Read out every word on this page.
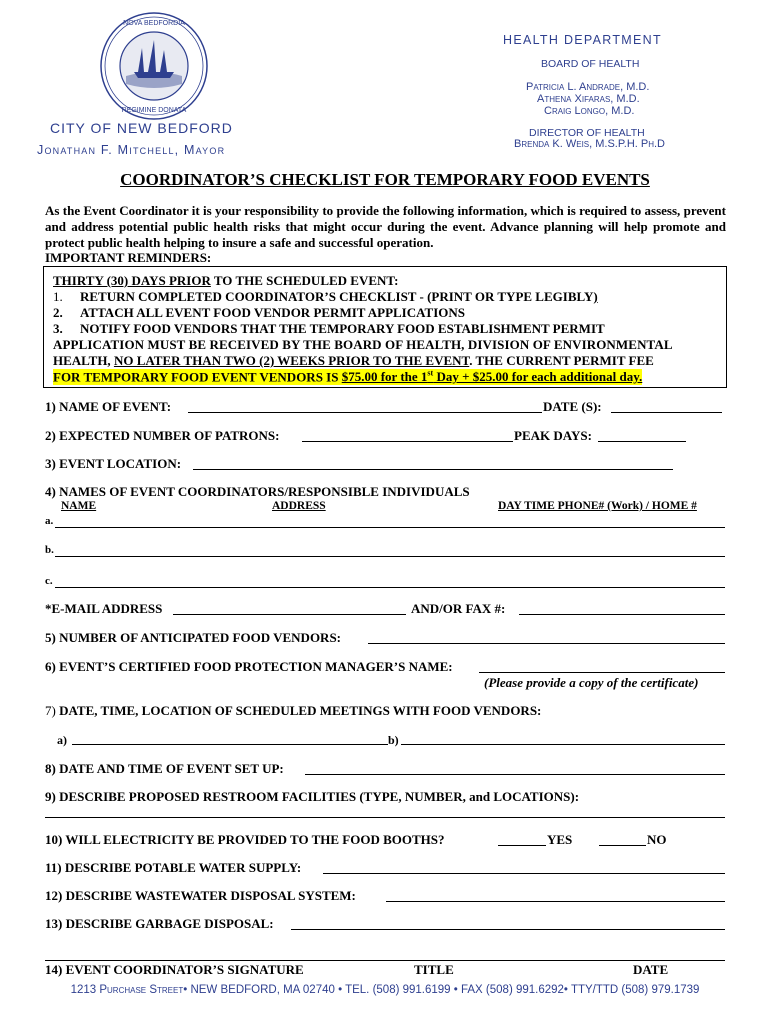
NOVA BEDFORDIA
REGIMINE DONATA
CITY OF NEW BEDFORD
Jonathan F. Mitchell, Mayor
HEALTH DEPARTMENT
BOARD OF HEALTH
Patricia L. Andrade, M.D.
Athena Xifaras, M.D.
Craig Longo, M.D.
DIRECTOR OF HEALTH
Brenda K. Weis, M.S.P.H. Ph.D
COORDINATOR’S CHECKLIST FOR TEMPORARY FOOD EVENTS
As the Event Coordinator it is your responsibility to provide the following information, which is required to assess, prevent and address potential public health risks that might occur during the event. Advance planning will help promote and protect public health helping to insure a safe and successful operation.
IMPORTANT REMINDERS:
THIRTY (30) DAYS PRIOR TO THE SCHEDULED EVENT:
1. RETURN COMPLETED COORDINATOR’S CHECKLIST - (PRINT OR TYPE LEGIBLY)
2. ATTACH ALL EVENT FOOD VENDOR PERMIT APPLICATIONS
3. NOTIFY FOOD VENDORS THAT THE TEMPORARY FOOD ESTABLISHMENT PERMIT
APPLICATION MUST BE RECEIVED BY THE BOARD OF HEALTH, DIVISION OF ENVIRONMENTAL
HEALTH, NO LATER THAN TWO (2) WEEKS PRIOR TO THE EVENT. THE CURRENT PERMIT FEE
FOR TEMPORARY FOOD EVENT VENDORS IS $75.00 for the 1st Day + $25.00 for each additional day.
1) NAME OF EVENT:	DATE (S):
2) EXPECTED NUMBER OF PATRONS:	PEAK DAYS:
3) EVENT LOCATION:
4) NAMES OF EVENT COORDINATORS/RESPONSIBLE INDIVIDUALS
NAME	ADDRESS	DAY TIME PHONE# (Work) / HOME #
a.
b.
c.
*E-MAIL ADDRESS	AND/OR FAX #:
5) NUMBER OF ANTICIPATED FOOD VENDORS:
6) EVENT’S CERTIFIED FOOD PROTECTION MANAGER’S NAME:
(Please provide a copy of the certificate)
7) DATE, TIME, LOCATION OF SCHEDULED MEETINGS WITH FOOD VENDORS:
a)	b)
8) DATE AND TIME OF EVENT SET UP:
9) DESCRIBE PROPOSED RESTROOM FACILITIES (TYPE, NUMBER, and LOCATIONS):
10) WILL ELECTRICITY BE PROVIDED TO THE FOOD BOOTHS?	YES	NO
11) DESCRIBE POTABLE WATER SUPPLY:
12) DESCRIBE WASTEWATER DISPOSAL SYSTEM:
13) DESCRIBE GARBAGE DISPOSAL:
14) EVENT COORDINATOR’S SIGNATURE	TITLE	DATE
1213 Purchase Street• NEW BEDFORD, MA 02740 • TEL. (508) 991.6199 • FAX (508) 991.6292• TTY/TTD (508) 979.1739
